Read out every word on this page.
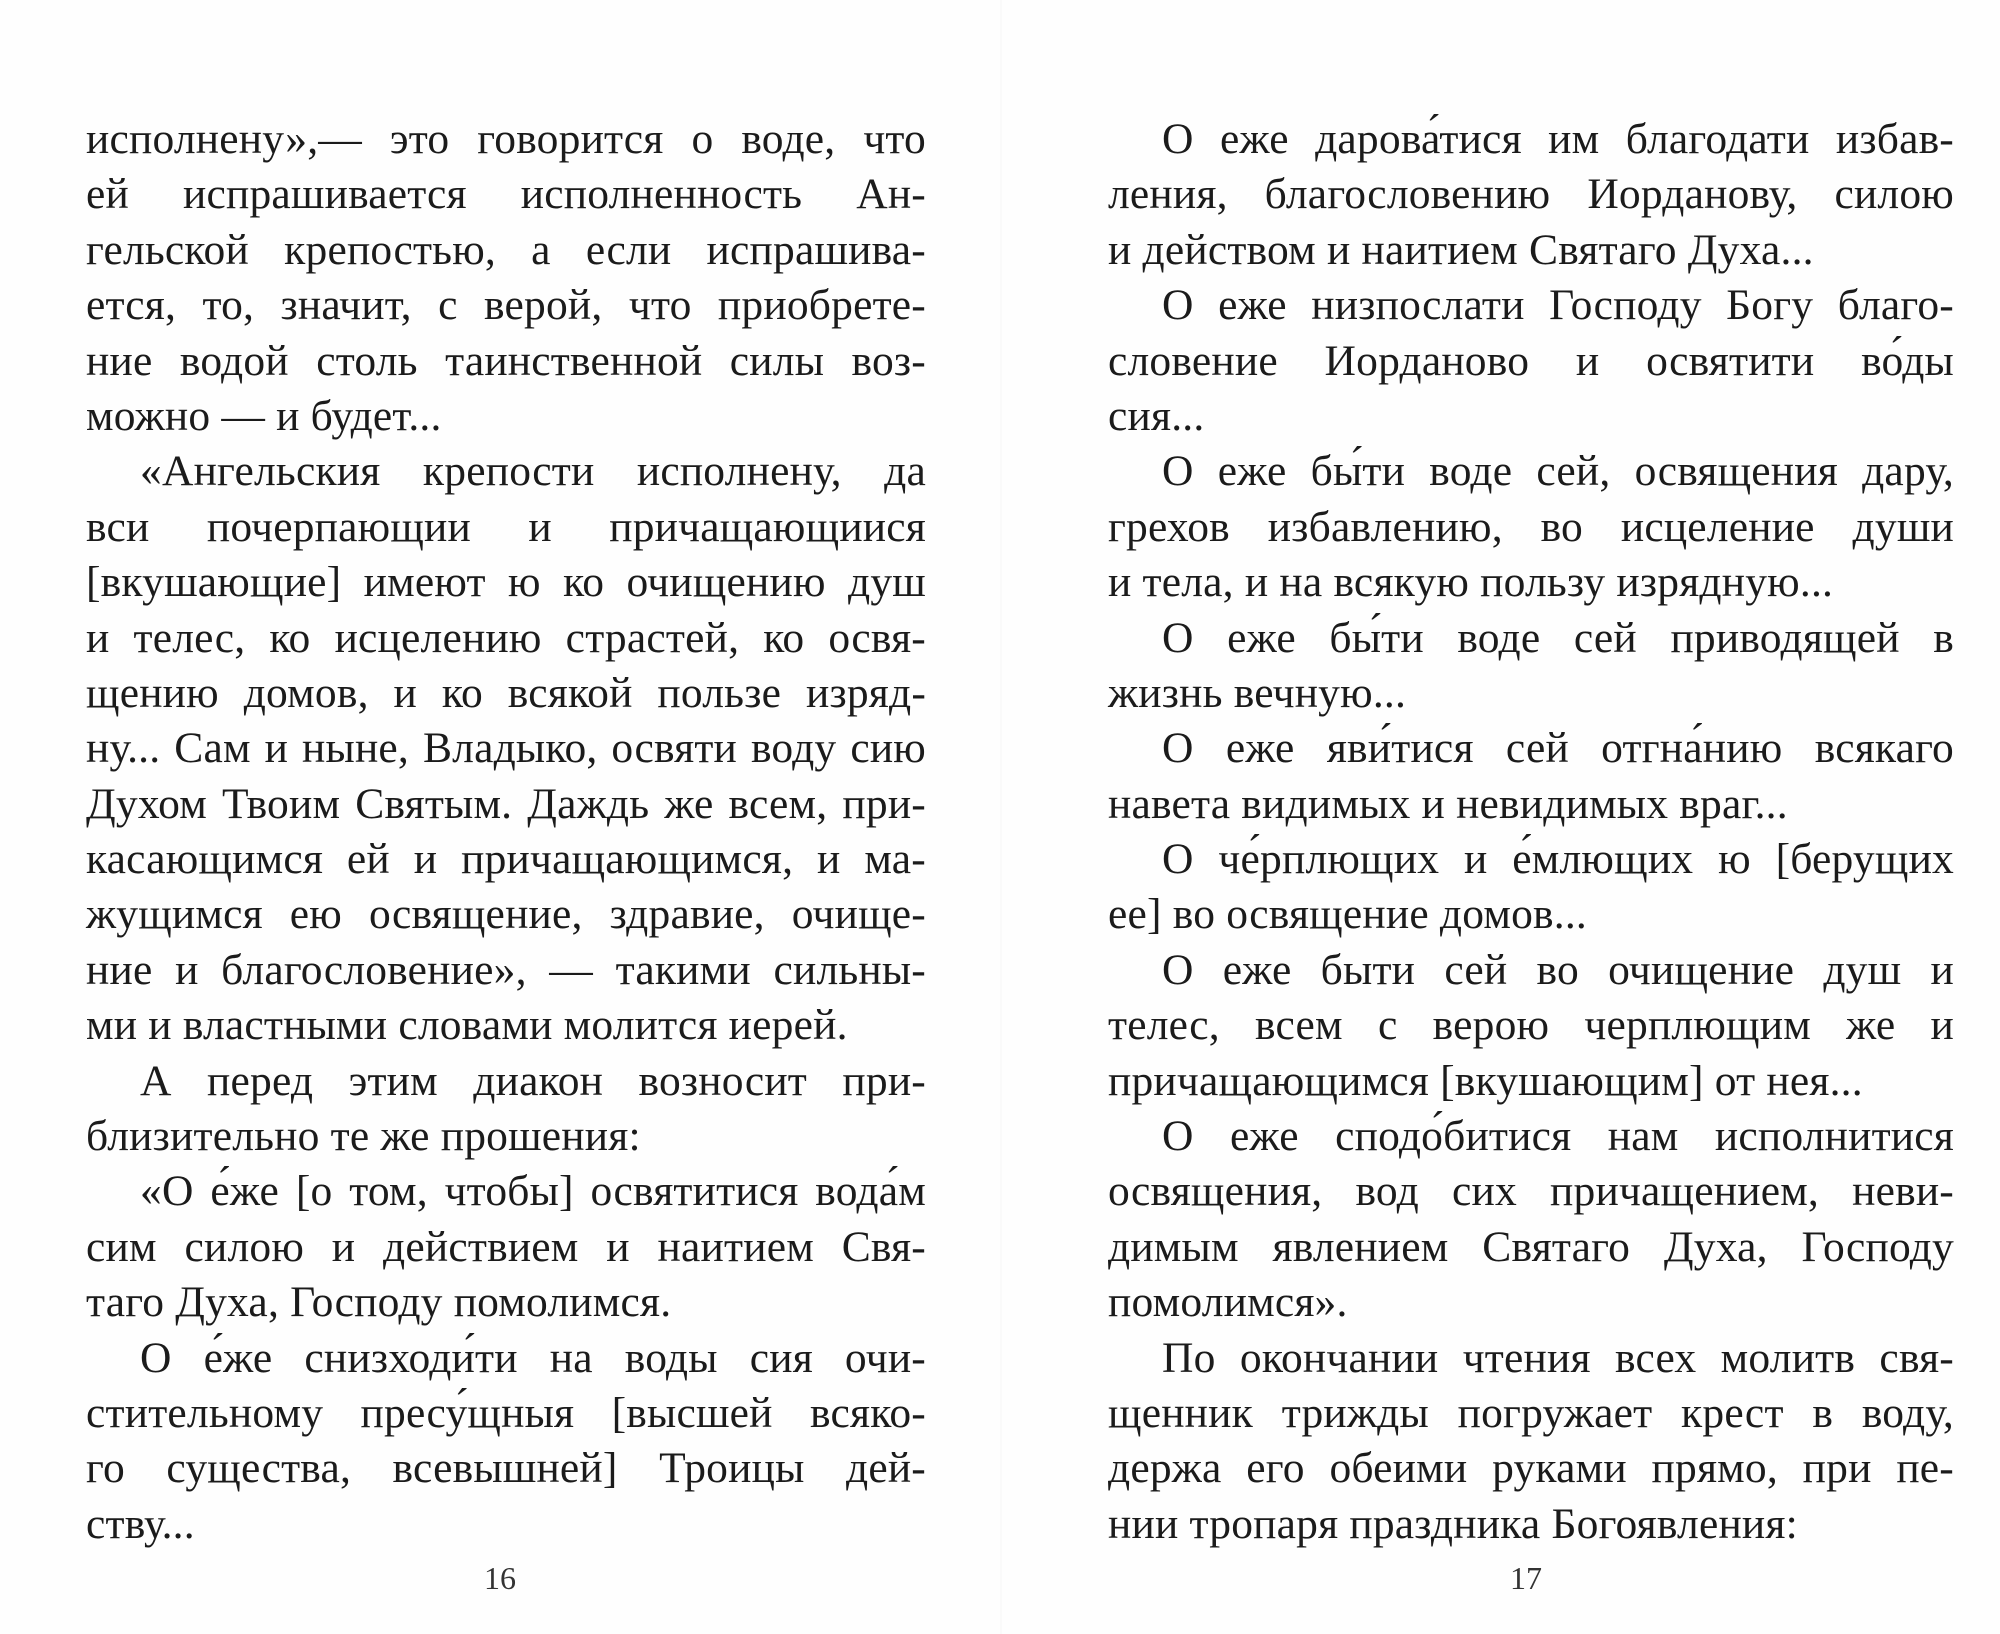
исполнену»,— это говорится о воде, что
ей испрашивается исполненность Ан-
гельской крепостью, а если испрашива-
ется, то, значит, с верой, что приобрете-
ние водой столь таинственной силы воз-
можно — и будет...
«Ангельския крепости исполнену, да
вси почерпающии и причащающиися
[вкушающие] имеют ю ко очищению душ
и телес, ко исцелению страстей, ко освя-
щению домов, и ко всякой пользе изряд-
ну... Сам и ныне, Владыко, освяти воду сию
Духом Твоим Святым. Даждь же всем, при-
касающимся ей и причащающимся, и ма-
жущимся ею освящение, здравие, очище-
ние и благословение», — такими сильны-
ми и властными словами молится иерей.
А перед этим диакон возносит при-
близительно те же прошения:
«О е́же [о том, чтобы] освятитися вода́м
сим силою и действием и наитием Свя-
таго Духа, Господу помолимся.
О е́же снизходи́ти на воды сия очи-
стительному пресу́щныя [высшей всяко-
го существа, всевышней] Троицы дей-
ству...
О еже дарова́тися им благодати избав-
ления, благословению Иорданову, силою
и действом и наитием Святаго Духа...
О еже низпослати Господу Богу благо-
словение Иорданово и освятити во́ды
сия...
О еже бы́ти воде сей, освящения дару,
грехов избавлению, во исцеление души
и тела, и на всякую пользу изрядную...
О еже бы́ти воде сей приводящей в
жизнь вечную...
О еже яви́тися сей отгна́нию всякаго
навета видимых и невидимых враг...
О че́рплющих и е́млющих ю [берущих
ее] во освящение домов...
О еже быти сей во очищение душ и
телес, всем с верою черплющим же и
причащающимся [вкушающим] от нея...
О еже сподо́битися нам исполнитися
освящения, вод сих причащением, неви-
димым явлением Святаго Духа, Господу
помолимся».
По окончании чтения всех молитв свя-
щенник трижды погружает крест в воду,
держа его обеими руками прямо, при пе-
нии тропаря праздника Богоявления:
16	17
